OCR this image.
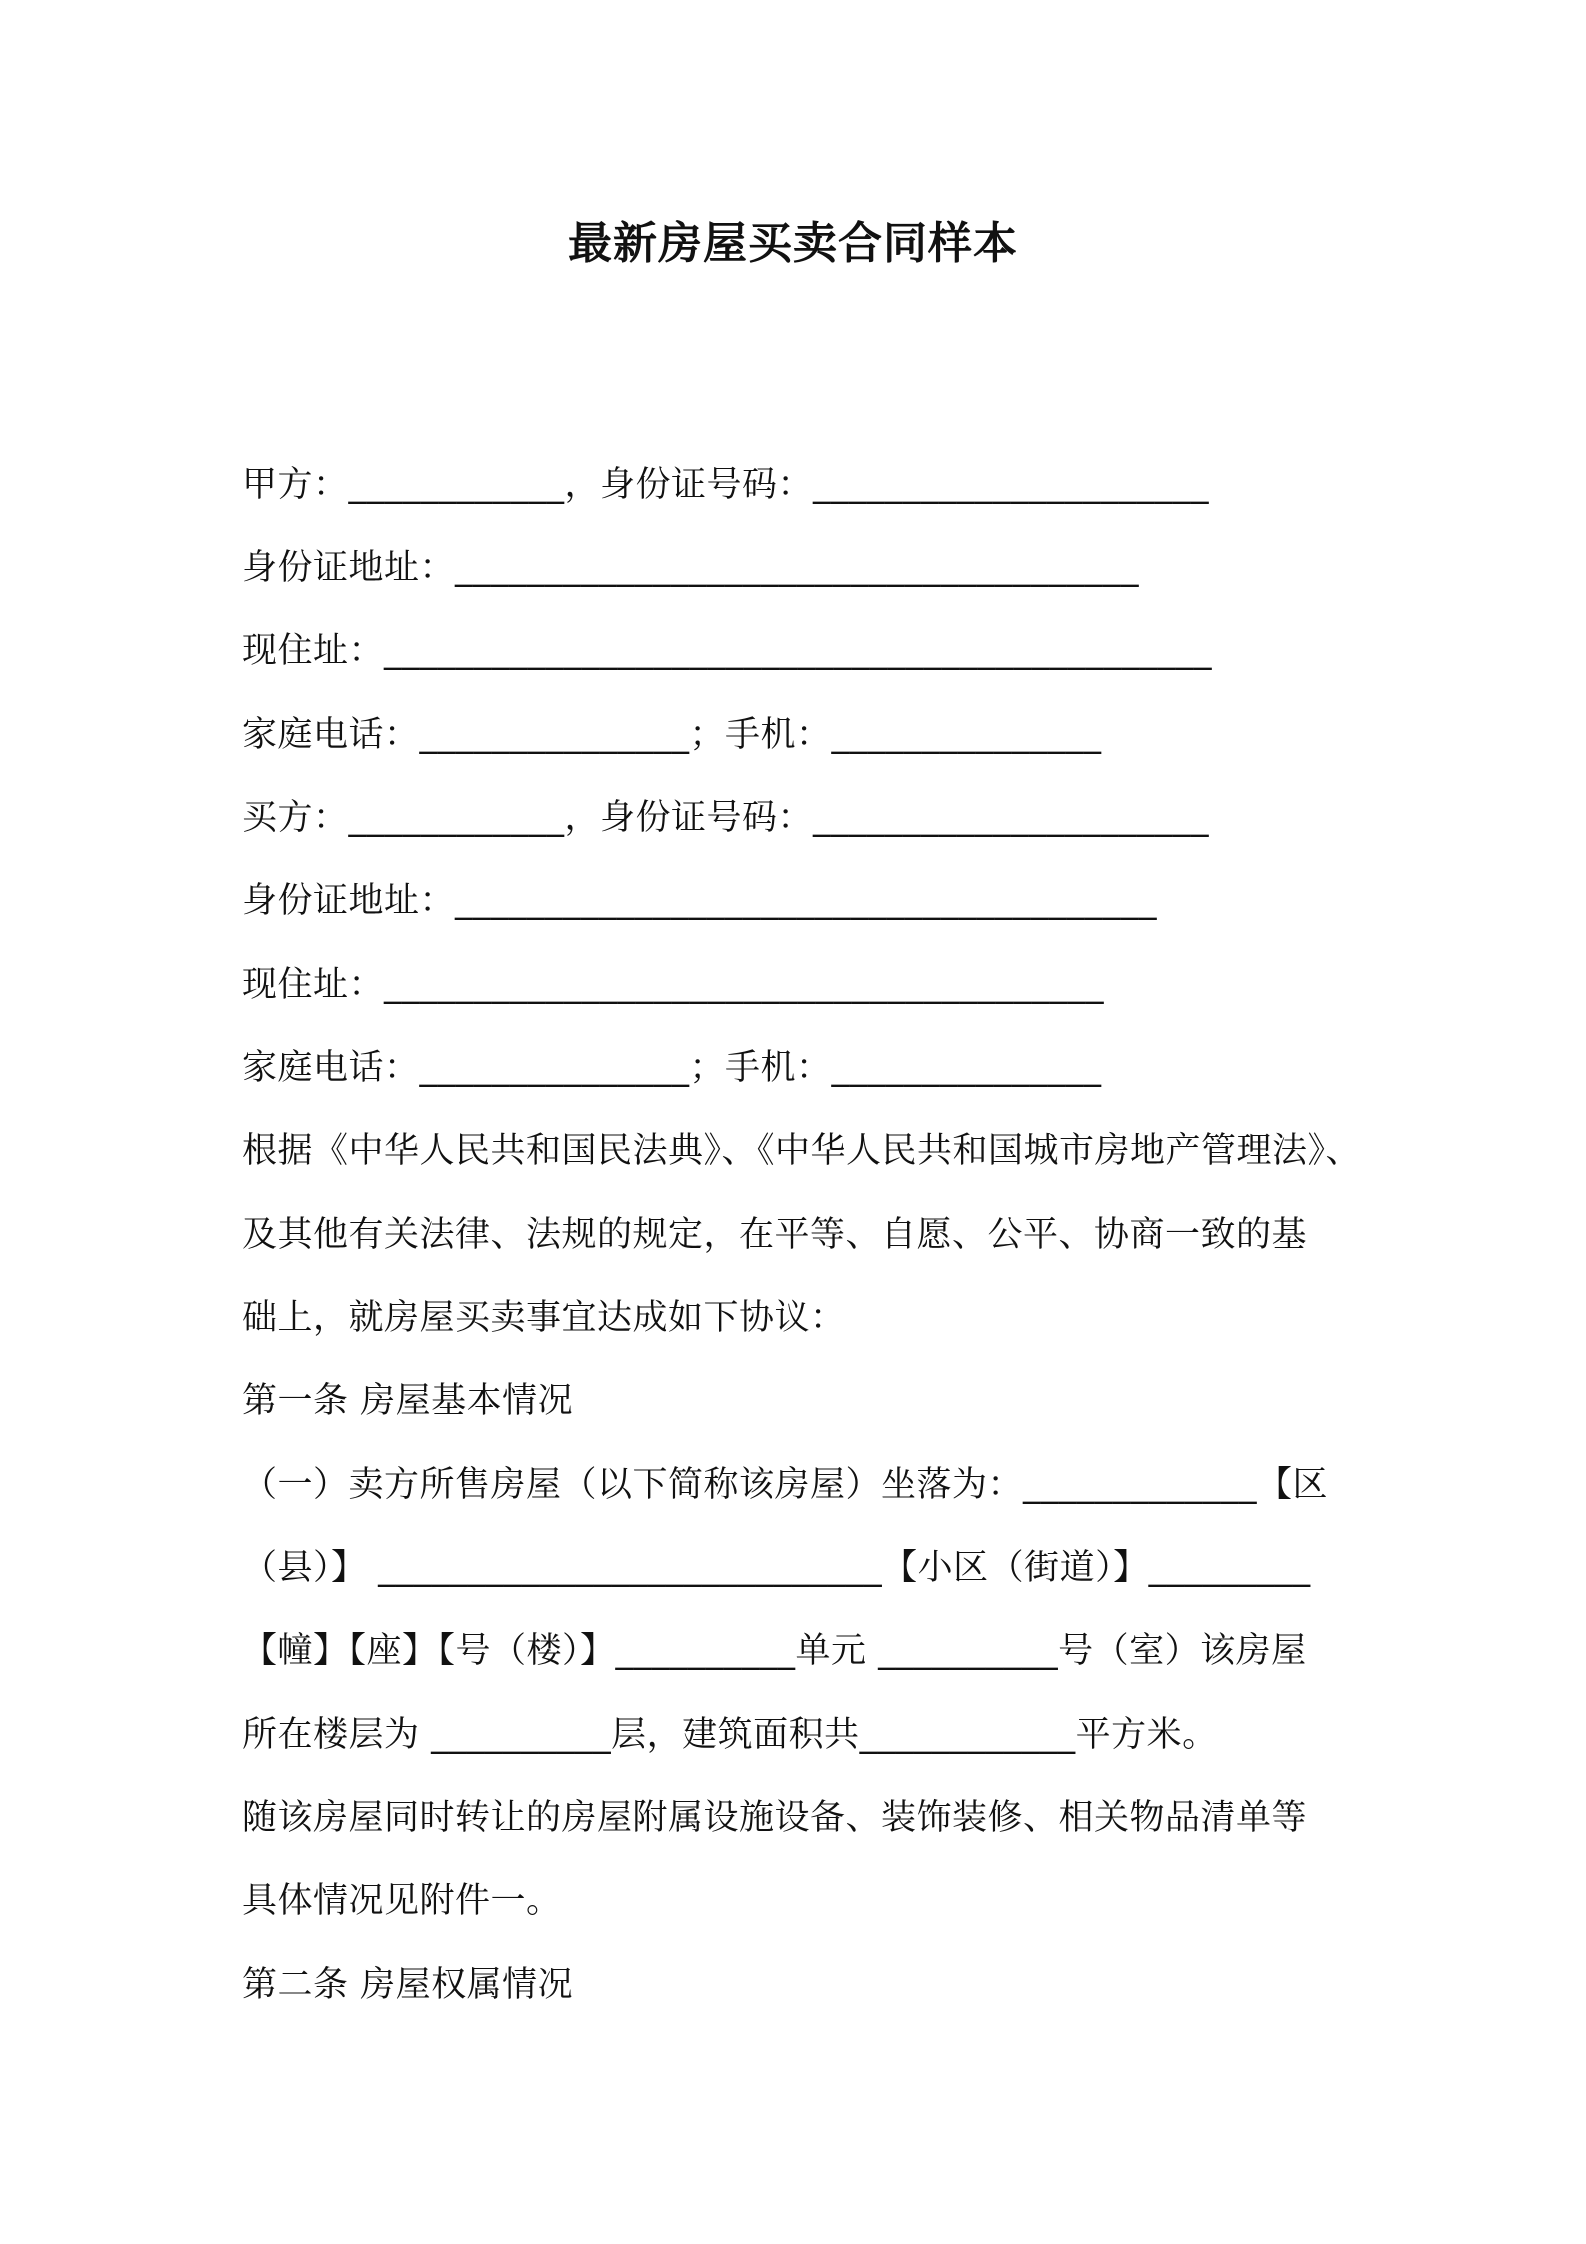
最新房屋买卖合同样本
甲方：____________，身份证号码：______________________
身份证地址：______________________________________
现住址：______________________________________________
家庭电话：_______________；手机：_______________
买方：____________，身份证号码：______________________
身份证地址：_______________________________________
现住址：________________________________________
家庭电话：_______________；手机：_______________
根据《中华人民共和国民法典》、《中华人民共和国城市房地产管理法》、
及其他有关法律、法规的规定，在平等、自愿、公平、协商一致的基
础上，就房屋买卖事宜达成如下协议：
第一条 房屋基本情况
（一）卖方所售房屋（以下简称该房屋）坐落为：_____________【区
（县）】 ____________________________【小区（街道）】_________
【幢】【座】【号（楼）】__________单元 __________号（室）该房屋
所在楼层为 __________层，建筑面积共____________平方米。
随该房屋同时转让的房屋附属设施设备、装饰装修、相关物品清单等
具体情况见附件一。
第二条 房屋权属情况
